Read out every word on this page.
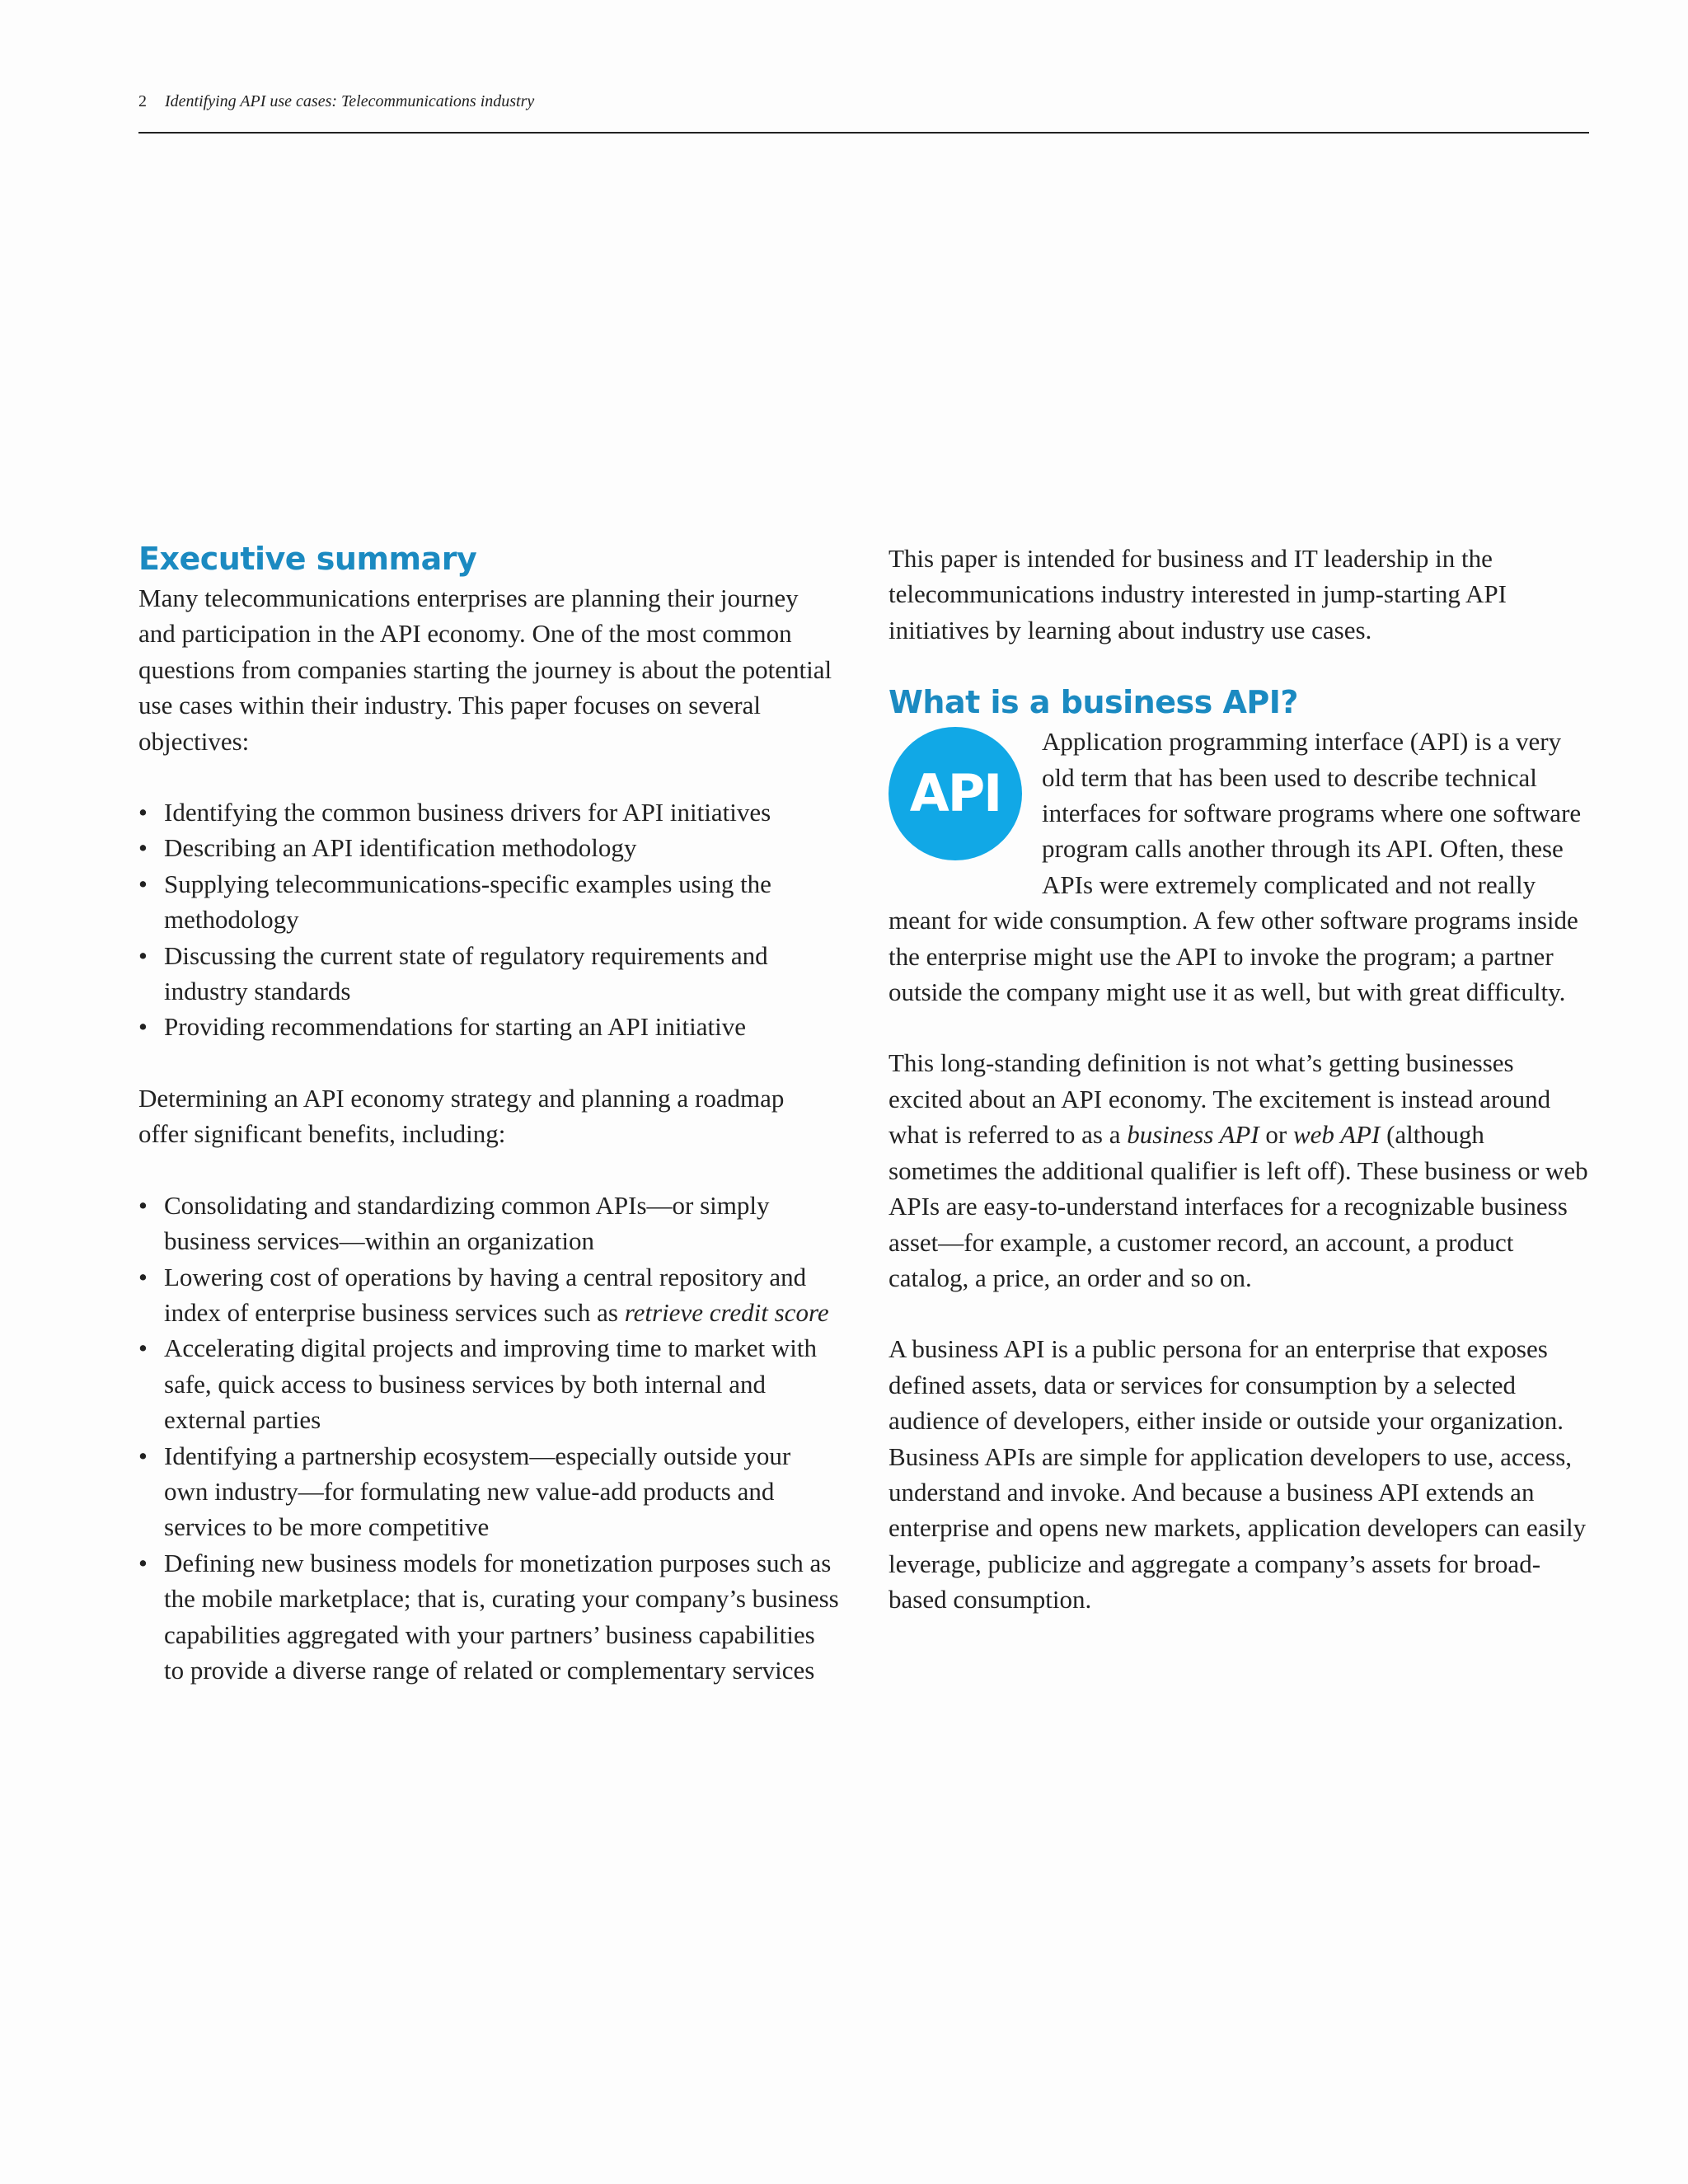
2 Identifying API use cases: Telecommunications industry
Executive summary

Many telecommunications enterprises are planning their journey and participation in the API economy. One of the most common questions from companies starting the journey is about the potential use cases within their industry. This paper focuses on several objectives:

• Identifying the common business drivers for API initiatives
• Describing an API identification methodology
• Supplying telecommunications-specific examples using the methodology
• Discussing the current state of regulatory requirements and industry standards
• Providing recommendations for starting an API initiative

Determining an API economy strategy and planning a roadmap offer significant benefits, including:

• Consolidating and standardizing common APIs—or simply business services—within an organization
• Lowering cost of operations by having a central repository and index of enterprise business services such as retrieve credit score
• Accelerating digital projects and improving time to market with safe, quick access to business services by both internal and external parties
• Identifying a partnership ecosystem—especially outside your own industry—for formulating new value-add products and services to be more competitive
• Defining new business models for monetization purposes such as the mobile marketplace; that is, curating your company’s business capabilities aggregated with your partners’ business capabilities to provide a diverse range of related or complementary services

This paper is intended for business and IT leadership in the telecommunications industry interested in jump-starting API initiatives by learning about industry use cases.

What is a business API?
API

Application programming interface (API) is a very old term that has been used to describe technical interfaces for software programs where one software program calls another through its API. Often, these APIs were extremely complicated and not really meant for wide consumption. A few other software programs inside the enterprise might use the API to invoke the program; a partner outside the company might use it as well, but with great difficulty.

This long-standing definition is not what’s getting businesses excited about an API economy. The excitement is instead around what is referred to as a business API or web API (although sometimes the additional qualifier is left off). These business or web APIs are easy-to-understand interfaces for a recognizable business asset—for example, a customer record, an account, a product catalog, a price, an order and so on.

A business API is a public persona for an enterprise that exposes defined assets, data or services for consumption by a selected audience of developers, either inside or outside your organization. Business APIs are simple for application developers to use, access, understand and invoke. And because a business API extends an enterprise and opens new markets, application developers can easily leverage, publicize and aggregate a company’s assets for broad-based consumption.
